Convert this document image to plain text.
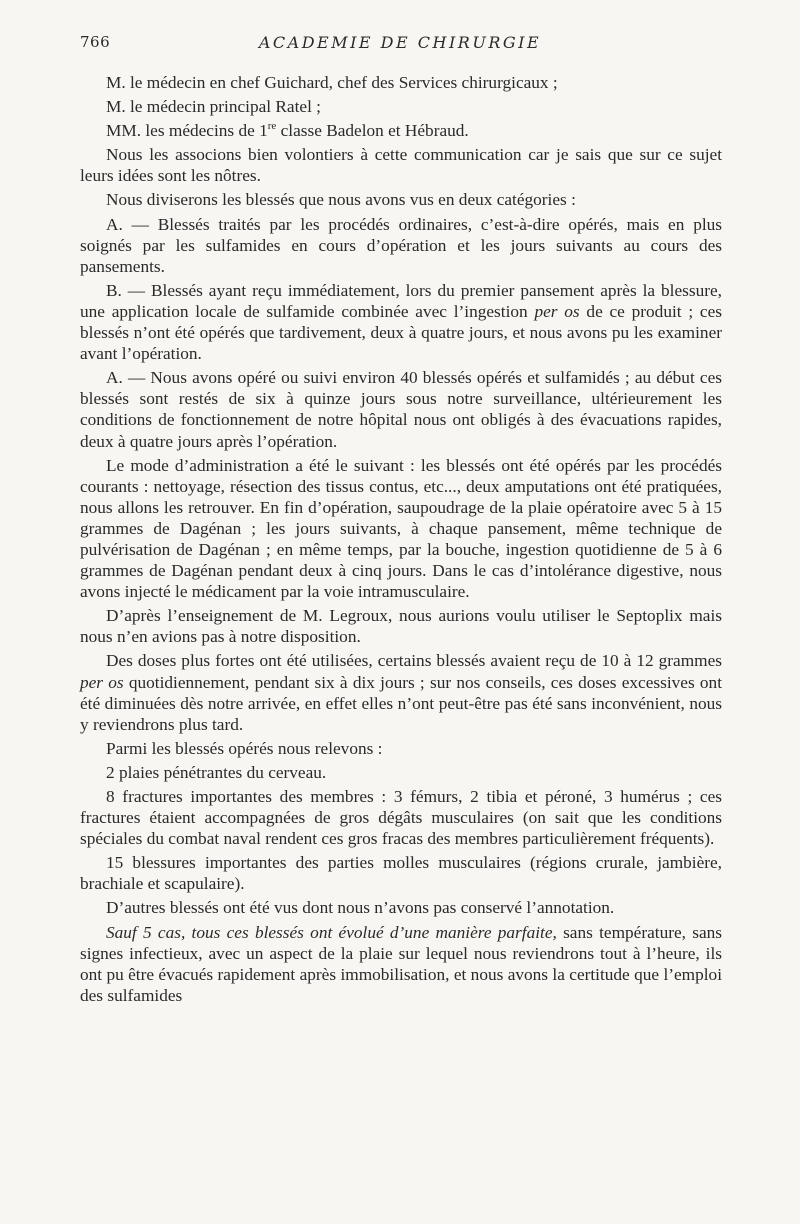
766	ACADEMIE DE CHIRURGIE

M. le médecin en chef Guichard, chef des Services chirurgicaux ;

M. le médecin principal Ratel ;

MM. les médecins de 1re classe Badelon et Hébraud.

Nous les associons bien volontiers à cette communication car je sais que sur ce sujet leurs idées sont les nôtres.

Nous diviserons les blessés que nous avons vus en deux catégories :

A. — Blessés traités par les procédés ordinaires, c’est-à-dire opérés, mais en plus soignés par les sulfamides en cours d’opération et les jours suivants au cours des pansements.

B. — Blessés ayant reçu immédiatement, lors du premier pansement après la blessure, une application locale de sulfamide combinée avec l’ingestion per os de ce produit ; ces blessés n’ont été opérés que tardivement, deux à quatre jours, et nous avons pu les examiner avant l’opération.

A. — Nous avons opéré ou suivi environ 40 blessés opérés et sulfamidés ; au début ces blessés sont restés de six à quinze jours sous notre surveillance, ultérieurement les conditions de fonctionnement de notre hôpital nous ont obligés à des évacuations rapides, deux à quatre jours après l’opération.

Le mode d’administration a été le suivant : les blessés ont été opérés par les procédés courants : nettoyage, résection des tissus contus, etc..., deux amputations ont été pratiquées, nous allons les retrouver. En fin d’opération, saupoudrage de la plaie opératoire avec 5 à 15 grammes de Dagénan ; les jours suivants, à chaque pansement, même technique de pulvérisation de Dagénan ; en même temps, par la bouche, ingestion quotidienne de 5 à 6 grammes de Dagénan pendant deux à cinq jours. Dans le cas d’intolérance digestive, nous avons injecté le médicament par la voie intramusculaire.

D’après l’enseignement de M. Legroux, nous aurions voulu utiliser le Septoplix mais nous n’en avions pas à notre disposition.

Des doses plus fortes ont été utilisées, certains blessés avaient reçu de 10 à 12 grammes per os quotidiennement, pendant six à dix jours ; sur nos conseils, ces doses excessives ont été diminuées dès notre arrivée, en effet elles n’ont peut-être pas été sans inconvénient, nous y reviendrons plus tard.

Parmi les blessés opérés nous relevons :

2 plaies pénétrantes du cerveau.

8 fractures importantes des membres : 3 fémurs, 2 tibia et péroné, 3 humérus ; ces fractures étaient accompagnées de gros dégâts musculaires (on sait que les conditions spéciales du combat naval rendent ces gros fracas des membres particulièrement fréquents).

15 blessures importantes des parties molles musculaires (régions crurale, jambière, brachiale et scapulaire).

D’autres blessés ont été vus dont nous n’avons pas conservé l’annotation.

Sauf 5 cas, tous ces blessés ont évolué d’une manière parfaite, sans température, sans signes infectieux, avec un aspect de la plaie sur lequel nous reviendrons tout à l’heure, ils ont pu être évacués rapidement après immobilisation, et nous avons la certitude que l’emploi des sulfamides
